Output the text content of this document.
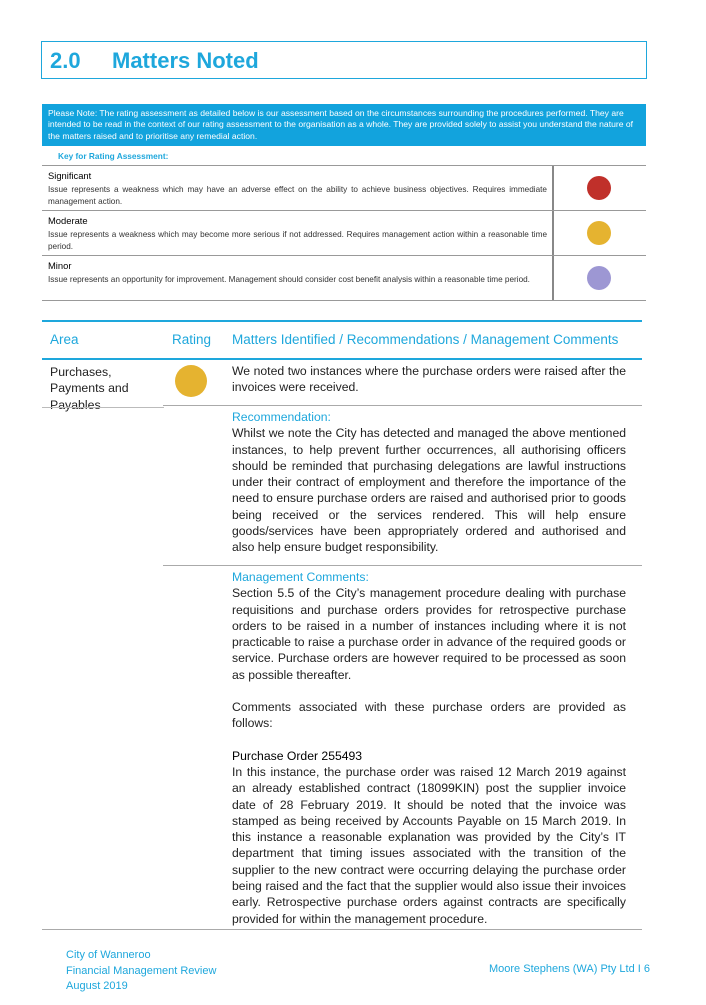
2.0 Matters Noted
Please Note: The rating assessment as detailed below is our assessment based on the circumstances surrounding the procedures performed. They are intended to be read in the context of our rating assessment to the organisation as a whole. They are provided solely to assist you understand the nature of the matters raised and to prioritise any remedial action.
Key for Rating Assessment:
Significant
Issue represents a weakness which may have an adverse effect on the ability to achieve business objectives. Requires immediate management action.
Moderate
Issue represents a weakness which may become more serious if not addressed. Requires management action within a reasonable time period.
Minor
Issue represents an opportunity for improvement. Management should consider cost benefit analysis within a reasonable time period.
Area	Rating Matters Identified / Recommendations / Management Comments
Purchases, Payments and Payables
We noted two instances where the purchase orders were raised after the invoices were received.

Recommendation:

Whilst we note the City has detected and managed the above mentioned instances, to help prevent further occurrences, all authorising officers should be reminded that purchasing delegations are lawful instructions under their contract of employment and therefore the importance of the need to ensure purchase orders are raised and authorised prior to goods being received or the services rendered. This will help ensure goods/services have been appropriately ordered and authorised and also help ensure budget responsibility.

Management Comments:

Section 5.5 of the City’s management procedure dealing with purchase requisitions and purchase orders provides for retrospective purchase orders to be raised in a number of instances including where it is not practicable to raise a purchase order in advance of the required goods or service. Purchase orders are however required to be processed as soon as possible thereafter.

Comments associated with these purchase orders are provided as follows:

Purchase Order 255493

In this instance, the purchase order was raised 12 March 2019 against an already established contract (18099KIN) post the supplier invoice date of 28 February 2019. It should be noted that the invoice was stamped as being received by Accounts Payable on 15 March 2019. In this instance a reasonable explanation was provided by the City’s IT department that timing issues associated with the transition of the supplier to the new contract were occurring delaying the purchase order being raised and the fact that the supplier would also issue their invoices early. Retrospective purchase orders against contracts are specifically provided for within the management procedure.

City of Wanneroo
Financial Management Review
August 2019
Moore Stephens (WA) Pty Ltd I 6
